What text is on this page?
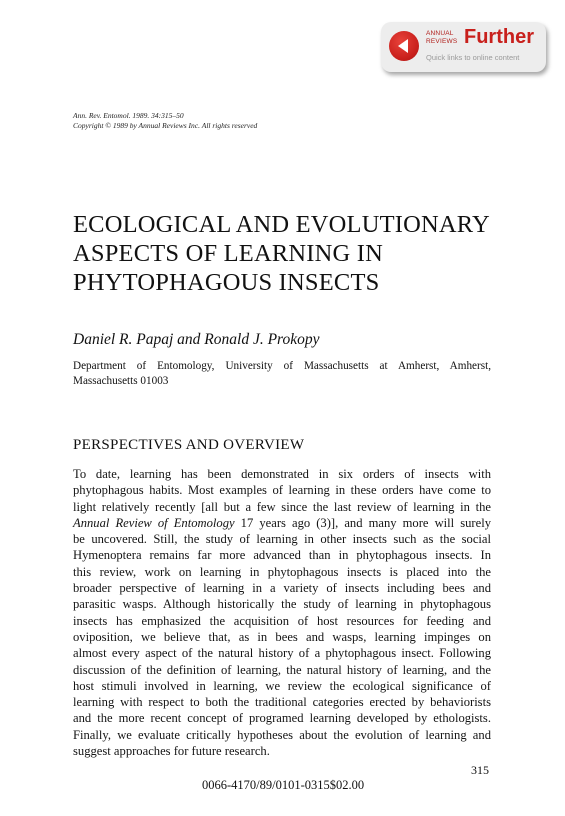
ANNUAL
REVIEWS Further
Quick links to online content
Ann. Rev. Entomol. 1989. 34:315–50
Copyright © 1989 by Annual Reviews Inc. All rights reserved
ECOLOGICAL AND EVOLUTIONARY
ASPECTS OF LEARNING IN
PHYTOPHAGOUS INSECTS
Daniel R. Papaj and Ronald J. Prokopy
Department of Entomology, University of Massachusetts at Amherst, Amherst,
Massachusetts 01003
PERSPECTIVES AND OVERVIEW
To date, learning has been demonstrated in six orders of insects with
phytophagous habits. Most examples of learning in these orders have come to
light relatively recently [all but a few since the last review of learning in the
Annual Review of Entomology 17 years ago (3)], and many more will surely
be uncovered. Still, the study of learning in other insects such as the social
Hymenoptera remains far more advanced than in phytophagous insects. In
this review, work on learning in phytophagous insects is placed into the
broader perspective of learning in a variety of insects including bees and
parasitic wasps. Although historically the study of learning in phytophagous
insects has emphasized the acquisition of host resources for feeding and
oviposition, we believe that, as in bees and wasps, learning impinges on
almost every aspect of the natural history of a phytophagous insect. Following
discussion of the definition of learning, the natural history of learning, and the
host stimuli involved in learning, we review the ecological significance of
learning with respect to both the traditional categories erected by behaviorists
and the more recent concept of programed learning developed by ethologists.
Finally, we evaluate critically hypotheses about the evolution of learning and
suggest approaches for future research.
315
0066-4170/89/0101-0315$02.00
